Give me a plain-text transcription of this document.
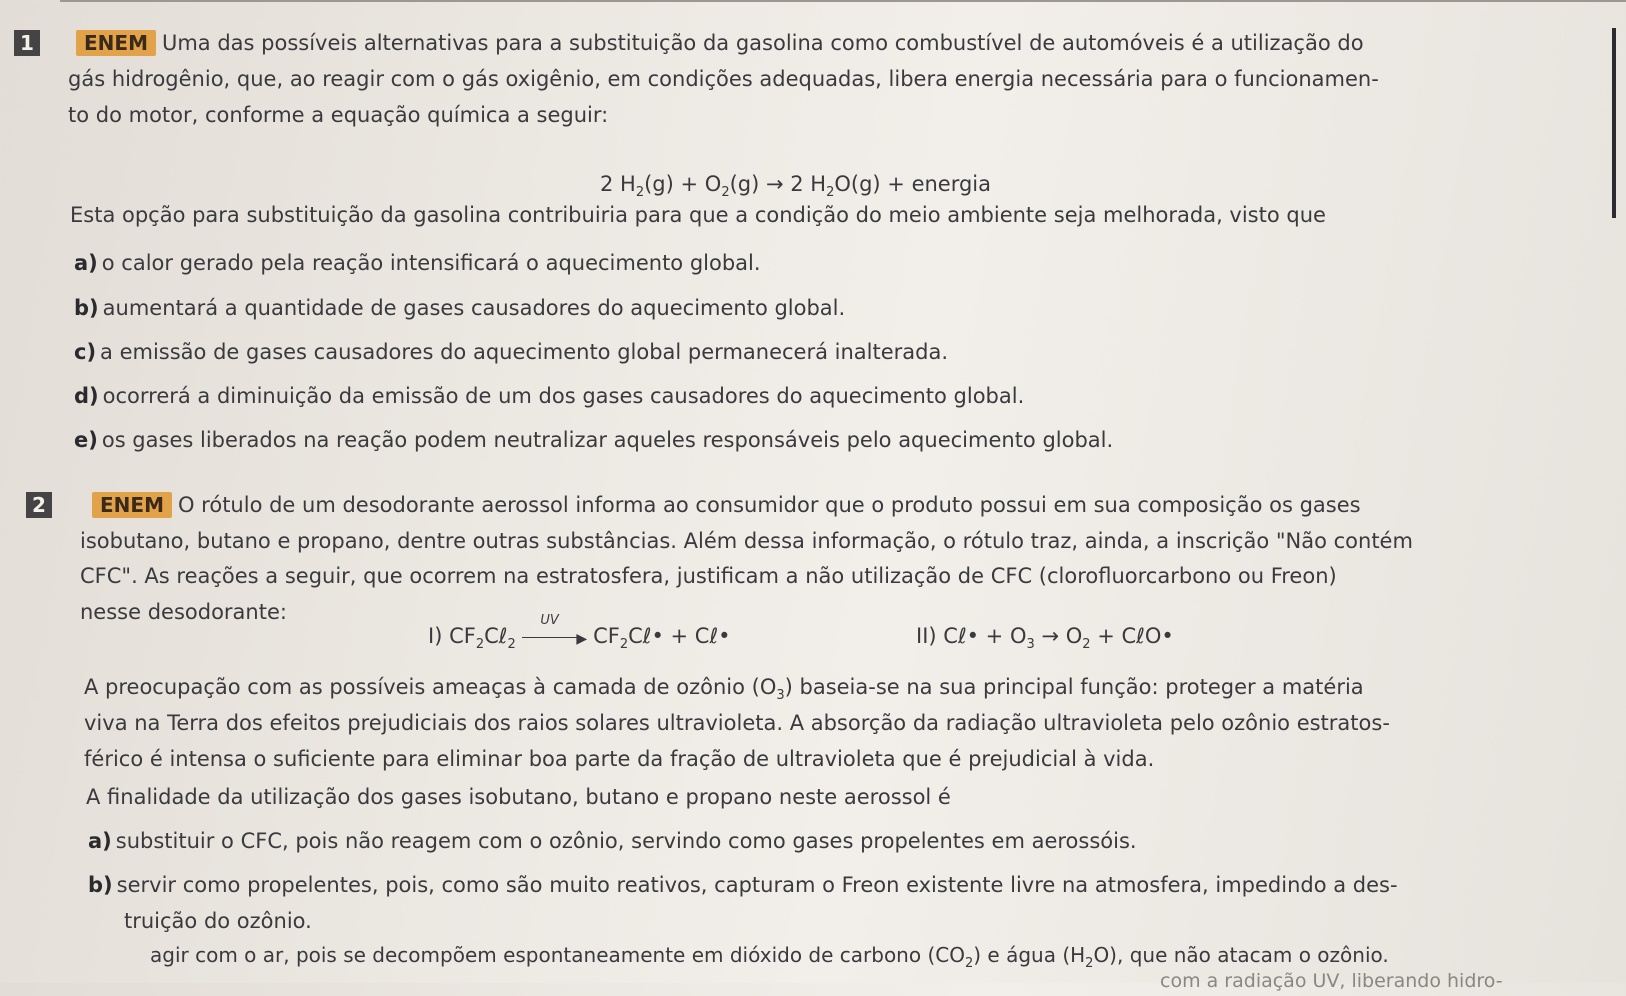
1	ENEM Uma das possíveis alternativas para a substituição da gasolina como combustível de automóveis é a utilização do
gás hidrogênio, que, ao reagir com o gás oxigênio, em condições adequadas, libera energia necessária para o funcionamen-
to do motor, conforme a equação química a seguir:
2 $H_2(g) + O_2(g) \to 2$ $H_2O(g)$ + energia
Esta opção para substituição da gasolina contribuiria para que a condição do meio ambiente seja melhorada, visto que
a) o calor gerado pela reação intensificará o aquecimento global.
b) aumentará a quantidade de gases causadores do aquecimento global.
c) a emissão de gases causadores do aquecimento global permanecerá inalterada.
d) ocorrerá a diminuição da emissão de um dos gases causadores do aquecimento global.
e) os gases liberados na reação podem neutralizar aqueles responsáveis pelo aquecimento global.
2	ENEM O rótulo de um desodorante aerossol informa ao consumidor que o produto possui em sua composição os gases
isobutano, butano e propano, dentre outras substâncias. Além dessa informação, o rótulo traz, ainda, a inscrição "Não contém
CFC". As reações a seguir, que ocorrem na estratosfera, justificam a não utilização de CFC (clorofluorcarbono ou Freon)
nesse desodorante:
I) $CF_2C\ell_2$
UV
▶ $CF_2C\ell•$ + Cℓ•	II) Cℓ• + $O_3 \to O_2$ + CℓO•
A preocupação com as possíveis ameaças à camada de ozônio $(O_3)$ baseia-se na sua principal função: proteger a matéria
viva na Terra dos efeitos prejudiciais dos raios solares ultravioleta. A absorção da radiação ultravioleta pelo ozônio estratos-
férico é intensa o suficiente para eliminar boa parte da fração de ultravioleta que é prejudicial à vida.
A finalidade da utilização dos gases isobutano, butano e propano neste aerossol é
a) substituir o CFC, pois não reagem com o ozônio, servindo como gases propelentes em aerossóis.
b) servir como propelentes, pois, como são muito reativos, capturam o Freon existente livre na atmosfera, impedindo a des-
truição do ozônio.
agir com o ar, pois se decompõem espontaneamente em dióxido de carbono $(CO_2)$ e água $(H_2O)$, que não atacam o ozônio.
com a radiação UV, liberando hidro-
